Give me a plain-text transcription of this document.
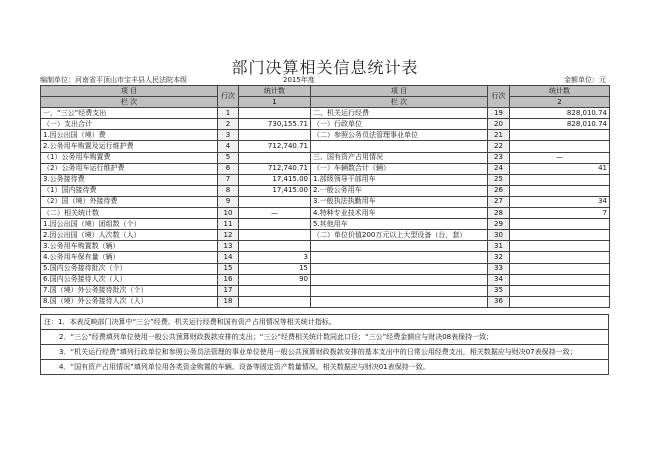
部门决算相关信息统计表
编制单位：河南省平顶山市宝丰县人民法院本级	2015年度	金额单位：元
项 目	行次	统计数	项 目	行次	统计数
栏 次		1	栏 次		2
一、“三公”经费支出	1		二、机关运行经费	19	828,010.74
（一）支出合计	2	730,155.71	（一）行政单位	20	828,010.74
1.因公出国（境）费	3		（二）参照公务员法管理事业单位	21	
2.公务用车购置及运行维护费	4	712,740.71		22	
（1）公务用车购置费	5		三、国有资产占用情况	23	—
（2）公务用车运行维护费	6	712,740.71	（一）车辆数合计（辆）	24	41
3.公务接待费	7	17,415.00	1.部级领导干部用车	25	
（1）国内接待费	8	17,415.00	2.一般公务用车	26	
（2）国（境）外接待费	9		3.一般执法执勤用车	27	34
（二）相关统计数	10	—	4.特种专业技术用车	28	7
1.因公出国（境）团组数（个）	11		5.其他用车	29	
2.因公出国（境）人次数（人）	12		（二）单位价值200万元以上大型设备（台，套）	30	
3.公务用车购置数（辆）	13			31	
4.公务用车保有量（辆）	14	3		32	
5.国内公务接待批次（个）	15	15		33	
6.国内公务接待人次（人）	16	90		34	
7.国（境）外公务接待批次（个）	17			35	
8.国（境）外公务接待人次（人）	18			36	
注：1．本表反映部门决算中“三公”经费、机关运行经费和国有资产占用情况等相关统计指标。
2．“三公”经费填列单位使用一般公共预算财政拨款安排的支出；“三公”经费相关统计数同此口径；“三公”经费金额应与财决08表保持一致；
3．“机关运行经费”填列行政单位和参照公务员法管理的事业单位使用一般公共预算财政拨款安排的基本支出中的日常公用经费支出，相关数据应与财决07表保持一致；
4．“国有资产占用情况”填列单位用各类资金购置的车辆、设备等固定资产数量情况，相关数据应与财决01表保持一致。
